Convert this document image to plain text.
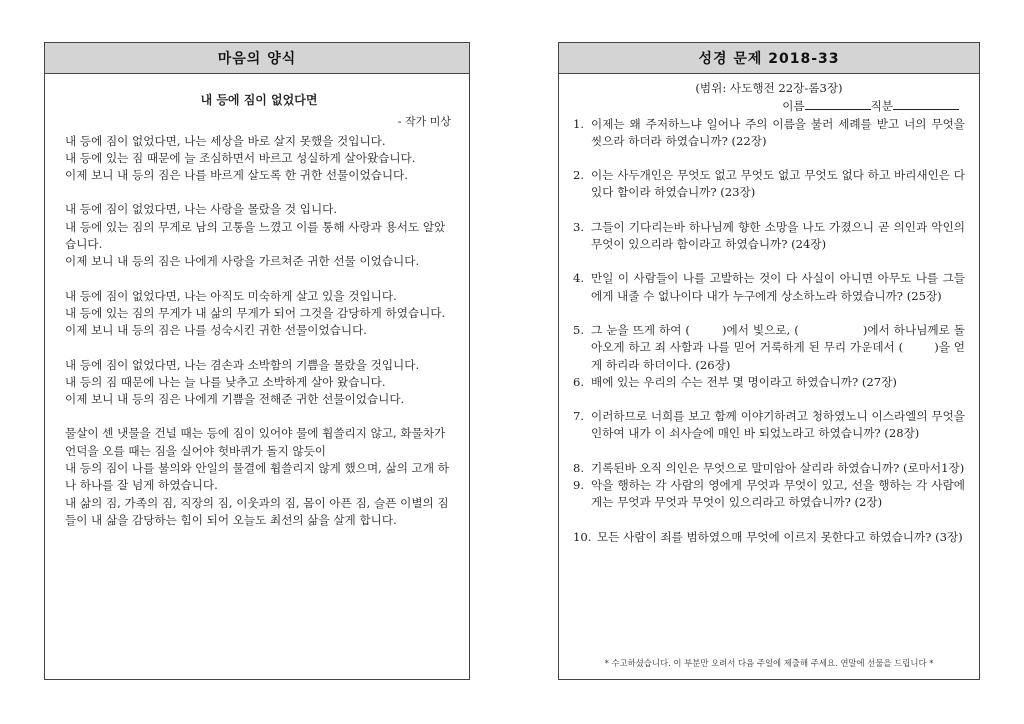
마음의 양식
내 등에 짐이 없었다면
- 작가 미상

내 등에 짐이 없었다면, 나는 세상을 바로 살지 못했을 것입니다.

내 등에 있는 짐 때문에 늘 조심하면서 바르고 성실하게 살아왔습니다.

이제 보니 내 등의 짐은 나를 바르게 살도록 한 귀한 선물이었습니다.

내 등에 짐이 없었다면, 나는 사랑을 몰랐을 것 입니다.

내 등에 있는 짐의 무게로 남의 고통을 느꼈고 이를 통해 사랑과 용서도 알았습니다.

이제 보니 내 등의 짐은 나에게 사랑을 가르쳐준 귀한 선물 이었습니다.

내 등에 짐이 없었다면, 나는 아직도 미숙하게 살고 있을 것입니다.

내 등에 있는 짐의 무게가 내 삶의 무게가 되어 그것을 감당하게 하였습니다.

이제 보니 내 등의 짐은 나를 성숙시킨 귀한 선물이었습니다.

내 등에 짐이 없었다면, 나는 겸손과 소박함의 기쁨을 몰랐을 것입니다.

내 등의 짐 때문에 나는 늘 나를 낮추고 소박하게 살아 왔습니다.

이제 보니 내 등의 짐은 나에게 기쁨을 전해준 귀한 선물이었습니다.

물살이 센 냇물을 건널 때는 등에 짐이 있어야 물에 휩쓸리지 않고, 화물차가 언덕을 오를 때는 짐을 실어야 헛바퀴가 돌지 않듯이

내 등의 짐이 나를 불의와 안일의 물결에 휩쓸리지 않게 했으며, 삶의 고개 하나 하나를 잘 넘게 하였습니다.

내 삶의 짐, 가족의 짐, 직장의 짐, 이웃과의 짐, 몸이 아픈 짐, 슬픈 이별의 짐들이 내 삶을 감당하는 힘이 되어 오늘도 최선의 삶을 살게 합니다.

성경 문제 2018-33
(범위: 사도행전 22장-롬3장)
이름	직분
1. 이제는 왜 주저하느냐 일어나 주의 이름을 불러 세례를 받고 너의 무엇을 씻으라 하더라 하였습니까? (22장)
2. 이는 사두개인은 무엇도 없고 무엇도 없고 무엇도 없다 하고 바리새인은 다 있다 함이라 하였습니까? (23장)
3. 그들이 기다리는바 하나님께 향한 소망을 나도 가졌으니 곧 의인과 악인의 무엇이 있으리라 함이라고 하였습니까? (24장)
4. 만일 이 사람들이 나를 고발하는 것이 다 사실이 아니면 아무도 나를 그들에게 내줄 수 없나이다 내가 누구에게 상소하노라 하였습니까? (25장)
5. 그 눈을 뜨게 하여 (        )에서 빛으로, (                )에서 하나님께로 돌아오게 하고 죄 사함과 나를 믿어 거룩하게 된 무리 가운데서 (        )을 얻게 하리라 하더이다. (26장)
6. 배에 있는 우리의 수는 전부 몇 명이라고 하였습니까? (27장)
7. 이러하므로 너희를 보고 함께 이야기하려고 청하였노니 이스라엘의 무엇을 인하여 내가 이 쇠사슬에 매인 바 되었노라고 하였습니까? (28장)
8. 기록된바 오직 의인은 무엇으로 말미암아 살리라 하였습니까? (로마서1장)
9. 악을 행하는 각 사람의 영에게 무엇과 무엇이 있고, 선을 행하는 각 사람에게는 무엇과 무엇과 무엇이 있으리라고 하였습니까? (2장)
10. 모든 사람이 죄를 범하였으매 무엇에 이르지 못한다고 하였습니까? (3장)
* 수고하셨습니다. 이 부분만 오려서 다음 주일에 제출해 주세요. 연말에 선물을 드립니다 *
